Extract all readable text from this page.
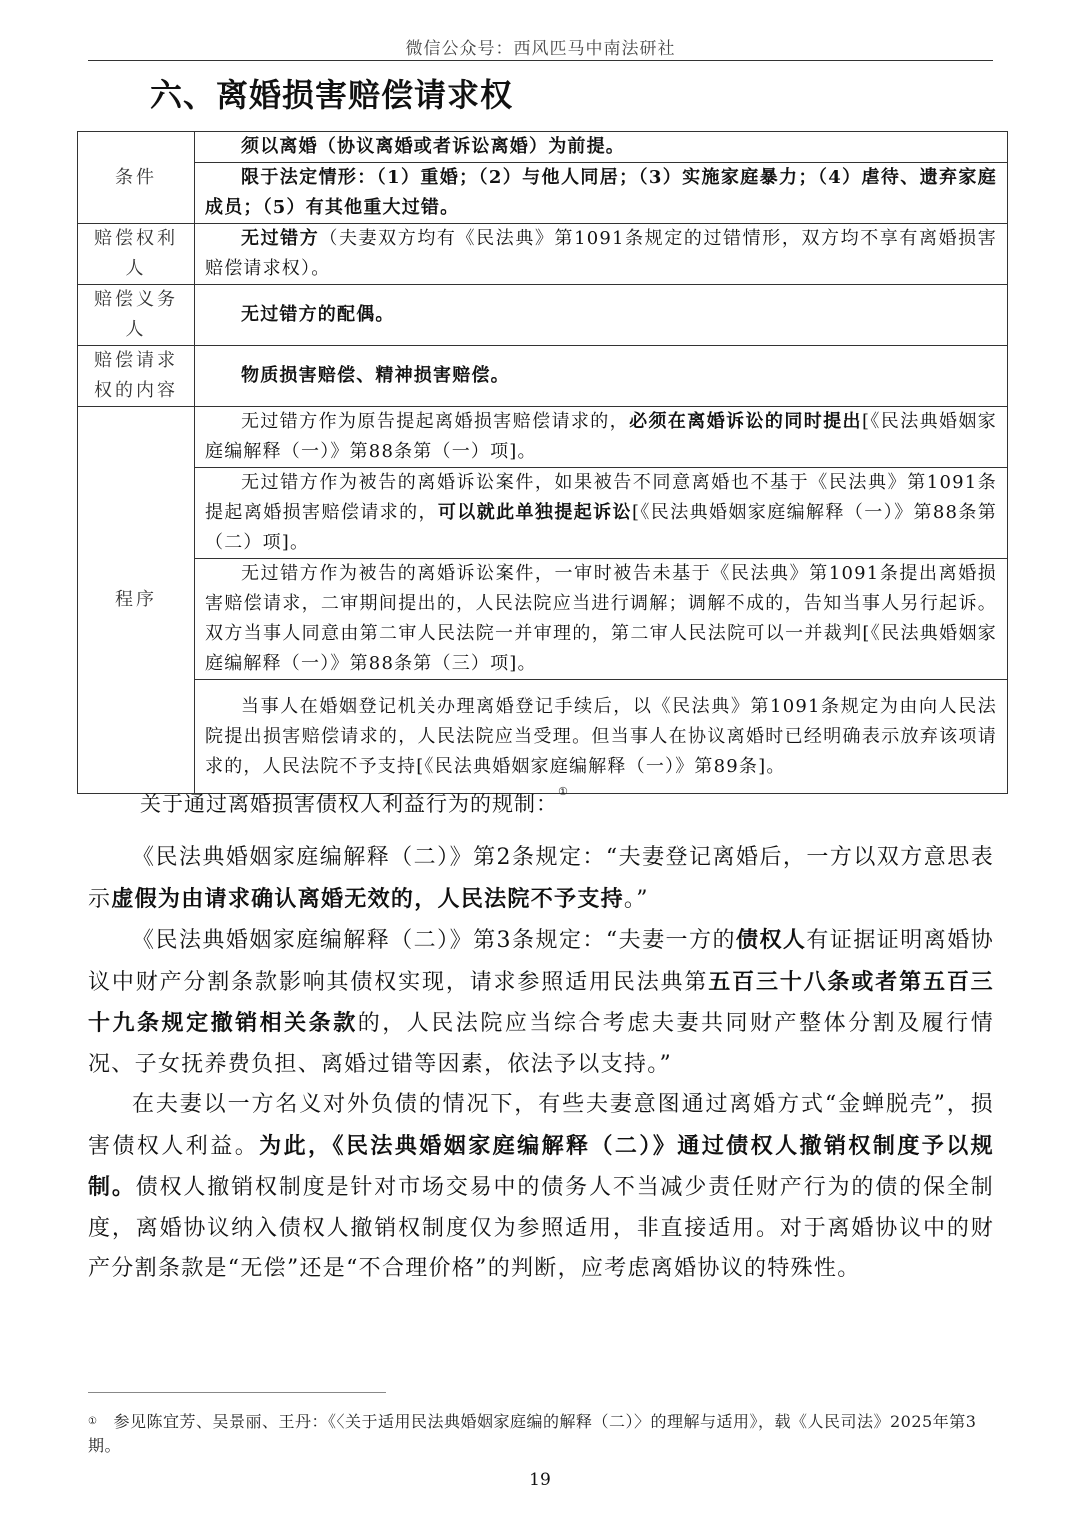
微信公众号：西风匹马中南法研社
六、离婚损害赔偿请求权
条件	须以离婚（协议离婚或者诉讼离婚）为前提。

	限于法定情形：（1）重婚；（2）与他人同居；（3）实施家庭暴力；（4）虐待、遗弃家庭成员；（5）有其他重大过错。

赔偿权利人	无过错方（夫妻双方均有《民法典》第1091条规定的过错情形，双方均不享有离婚损害赔偿请求权）。

赔偿义务人	无过错方的配偶。

赔偿请求权的内容	物质损害赔偿、精神损害赔偿。

程序	无过错方作为原告提起离婚损害赔偿请求的，必须在离婚诉讼的同时提出[《民法典婚姻家庭编解释（一）》第88条第（一）项]。

	无过错方作为被告的离婚诉讼案件，如果被告不同意离婚也不基于《民法典》第1091条提起离婚损害赔偿请求的，可以就此单独提起诉讼[《民法典婚姻家庭编解释（一）》第88条第（二）项]。

	无过错方作为被告的离婚诉讼案件，一审时被告未基于《民法典》第1091条提出离婚损害赔偿请求，二审期间提出的，人民法院应当进行调解；调解不成的，告知当事人另行起诉。双方当事人同意由第二审人民法院一并审理的，第二审人民法院可以一并裁判[《民法典婚姻家庭编解释（一）》第88条第（三）项]。

	当事人在婚姻登记机关办理离婚登记手续后，以《民法典》第1091条规定为由向人民法院提出损害赔偿请求的，人民法院应当受理。但当事人在协议离婚时已经明确表示放弃该项请求的，人民法院不予支持[《民法典婚姻家庭编解释（一）》第89条]。
关于通过离婚损害债权人利益行为的规制：①

《民法典婚姻家庭编解释（二）》第2条规定：“夫妻登记离婚后，一方以双方意思表示虚假为由请求确认离婚无效的，人民法院不予支持。”

《民法典婚姻家庭编解释（二）》第3条规定：“夫妻一方的债权人有证据证明离婚协议中财产分割条款影响其债权实现，请求参照适用民法典第五百三十八条或者第五百三十九条规定撤销相关条款的，人民法院应当综合考虑夫妻共同财产整体分割及履行情况、子女抚养费负担、离婚过错等因素，依法予以支持。”

在夫妻以一方名义对外负债的情况下，有些夫妻意图通过离婚方式“金蝉脱壳”，损害债权人利益。为此，《民法典婚姻家庭编解释（二）》通过债权人撤销权制度予以规制。债权人撤销权制度是针对市场交易中的债务人不当减少责任财产行为的债的保全制度，离婚协议纳入债权人撤销权制度仅为参照适用，非直接适用。对于离婚协议中的财产分割条款是“无偿”还是“不合理价格”的判断，应考虑离婚协议的特殊性。

① 参见陈宜芳、吴景丽、王丹：《〈关于适用民法典婚姻家庭编的解释（二）〉的理解与适用》，载《人民司法》2025年第3期。
19
